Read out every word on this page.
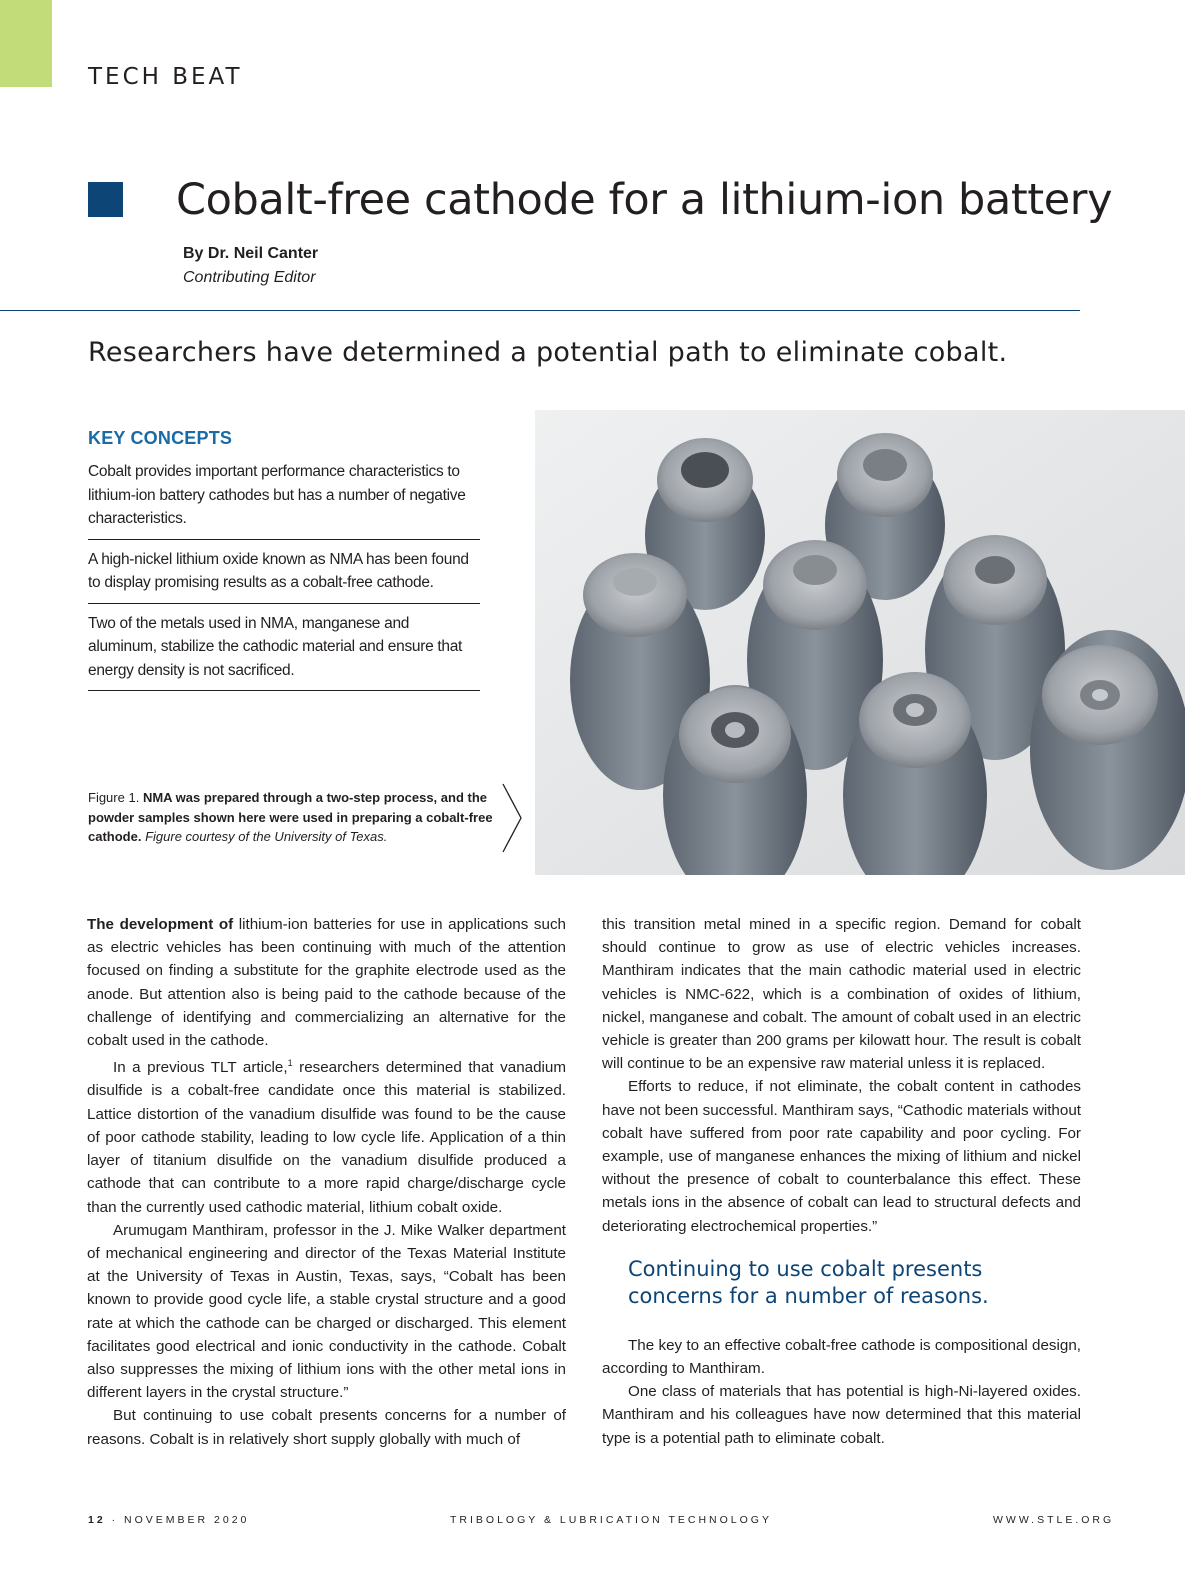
TECH BEAT
Cobalt-free cathode for a lithium-ion battery
By Dr. Neil Canter
Contributing Editor
Researchers have determined a potential path to eliminate cobalt.
KEY CONCEPTS
Cobalt provides important performance characteristics to lithium-ion battery cathodes but has a number of negative characteristics.
A high-nickel lithium oxide known as NMA has been found to display promising results as a cobalt-free cathode.
Two of the metals used in NMA, manganese and aluminum, stabilize the cathodic material and ensure that energy density is not sacrificed.
Figure 1. NMA was prepared through a two-step process, and the powder samples shown here were used in preparing a cobalt-free cathode. Figure courtesy of the University of Texas.

The development of lithium-ion batteries for use in applications such as electric vehicles has been continuing with much of the attention focused on finding a substitute for the graphite electrode used as the anode. But attention also is being paid to the cathode because of the challenge of identifying and commercializing an alternative for the cobalt used in the cathode.

In a previous TLT article,$^1$ researchers determined that vanadium disulfide is a cobalt-free candidate once this material is stabilized. Lattice distortion of the vanadium disulfide was found to be the cause of poor cathode stability, leading to low cycle life. Application of a thin layer of titanium disulfide on the vanadium disulfide produced a cathode that can contribute to a more rapid charge/discharge cycle than the currently used cathodic material, lithium cobalt oxide.

Arumugam Manthiram, professor in the J. Mike Walker department of mechanical engineering and director of the Texas Material Institute at the University of Texas in Austin, Texas, says, “Cobalt has been known to provide good cycle life, a stable crystal structure and a good rate at which the cathode can be charged or discharged. This element facilitates good electrical and ionic conductivity in the cathode. Cobalt also suppresses the mixing of lithium ions with the other metal ions in different layers in the crystal structure.”

But continuing to use cobalt presents concerns for a number of reasons. Cobalt is in relatively short supply globally with much of

this transition metal mined in a specific region. Demand for cobalt should continue to grow as use of electric vehicles increases. Manthiram indicates that the main cathodic material used in electric vehicles is NMC-622, which is a combination of oxides of lithium, nickel, manganese and cobalt. The amount of cobalt used in an electric vehicle is greater than 200 grams per kilowatt hour. The result is cobalt will continue to be an expensive raw material unless it is replaced.

Efforts to reduce, if not eliminate, the cobalt content in cathodes have not been successful. Manthiram says, “Cathodic materials without cobalt have suffered from poor rate capability and poor cycling. For example, use of manganese enhances the mixing of lithium and nickel without the presence of cobalt to counterbalance this effect. These metals ions in the absence of cobalt can lead to structural defects and deteriorating electrochemical properties.”

Continuing to use cobalt presents concerns for a number of reasons.

The key to an effective cobalt-free cathode is compositional design, according to Manthiram.

One class of materials that has potential is high-Ni-layered oxides. Manthiram and his colleagues have now determined that this material type is a potential path to eliminate cobalt.

12 · NOVEMBER 2020	TRIBOLOGY & LUBRICATION TECHNOLOGY	WWW.STLE.ORG
